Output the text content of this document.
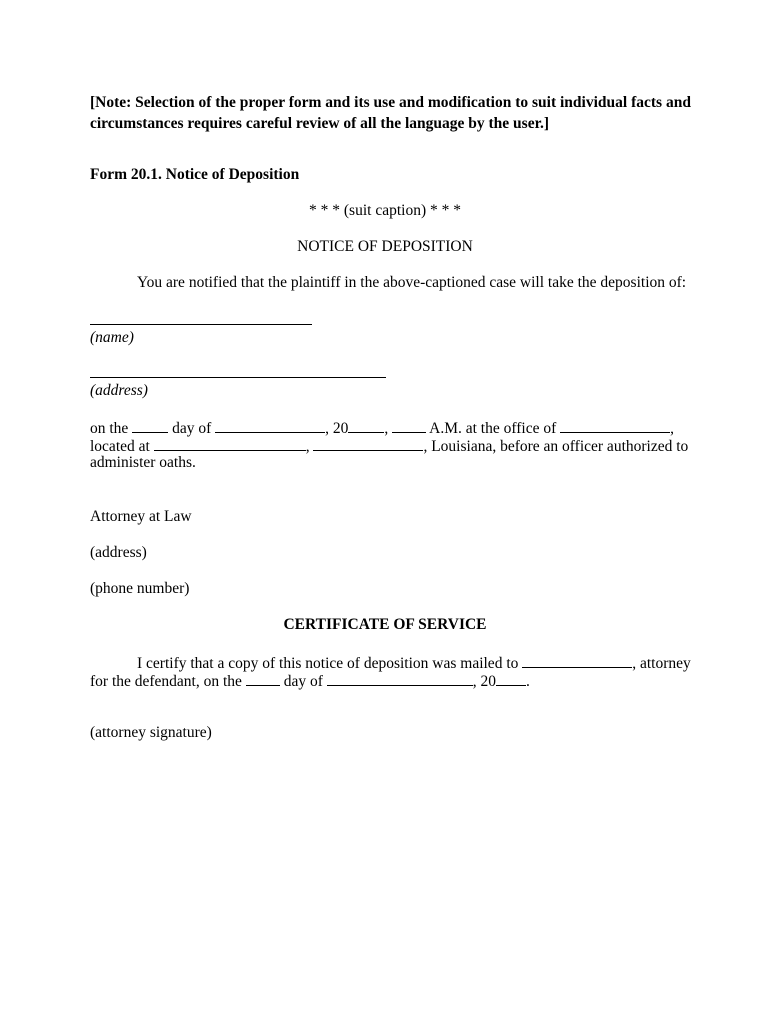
[Note: Selection of the proper form and its use and modification to suit individual facts and
circumstances requires careful review of all the language by the user.]
Form 20.1. Notice of Deposition
* * * (suit caption) * * *
NOTICE OF DEPOSITION
You are notified that the plaintiff in the above-captioned case will take the deposition of:
(name)
(address)
on the	day of	, 20 ,	A.M. at the office of	,
located at	,	, Louisiana, before an officer authorized to
administer oaths.
Attorney at Law
(address)
(phone number)
CERTIFICATE OF SERVICE
I certify that a copy of this notice of deposition was mailed to	, attorney
for the defendant, on the	day of	, 20 .
(attorney signature)
